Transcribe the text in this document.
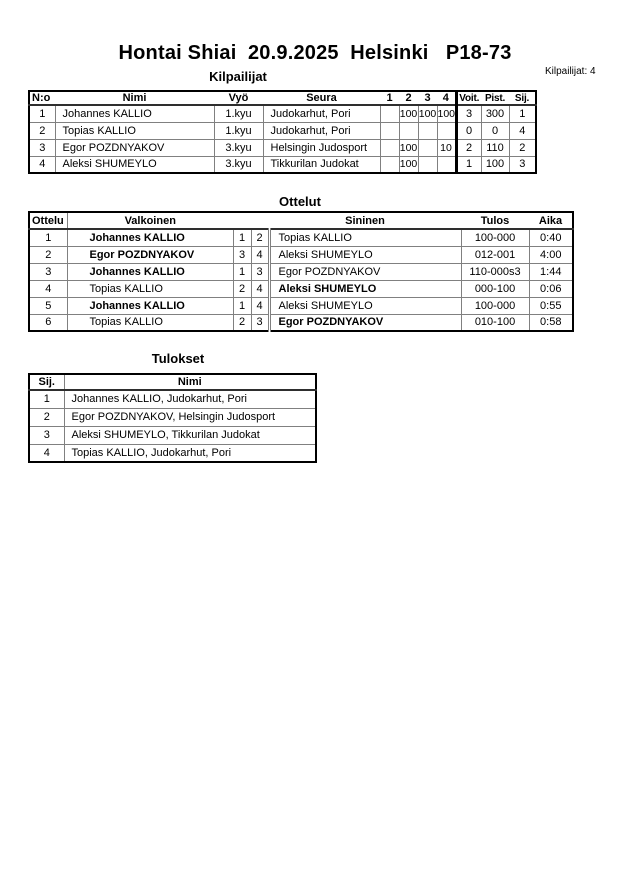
Hontai Shiai  20.9.2025  Helsinki   P18-73
Kilpailijat	Kilpailijat: 4
N:o	Nimi	Vyö	Seura	1	2	3	4	Voit.	Pist.	Sij.
1	Johannes KALLIO	1.kyu	Judokarhut, Pori		100	100	100	3	300	1
2	Topias KALLIO	1.kyu	Judokarhut, Pori					0	0	4
3	Egor POZDNYAKOV	3.kyu	Helsingin Judosport		100		10	2	110	2
4	Aleksi SHUMEYLO	3.kyu	Tikkurilan Judokat		100			1	100	3
Ottelut
Ottelu	Valkoinen			Sininen	Tulos	Aika
1	Johannes KALLIO	1	2	Topias KALLIO	100-000	0:40
2	Egor POZDNYAKOV	3	4	Aleksi SHUMEYLO	012-001	4:00
3	Johannes KALLIO	1	3	Egor POZDNYAKOV	110-000s3	1:44
4	Topias KALLIO	2	4	Aleksi SHUMEYLO	000-100	0:06
5	Johannes KALLIO	1	4	Aleksi SHUMEYLO	100-000	0:55
6	Topias KALLIO	2	3	Egor POZDNYAKOV	010-100	0:58
Tulokset
Sij.	Nimi
1	Johannes KALLIO, Judokarhut, Pori
2	Egor POZDNYAKOV, Helsingin Judosport
3	Aleksi SHUMEYLO, Tikkurilan Judokat
4	Topias KALLIO, Judokarhut, Pori
